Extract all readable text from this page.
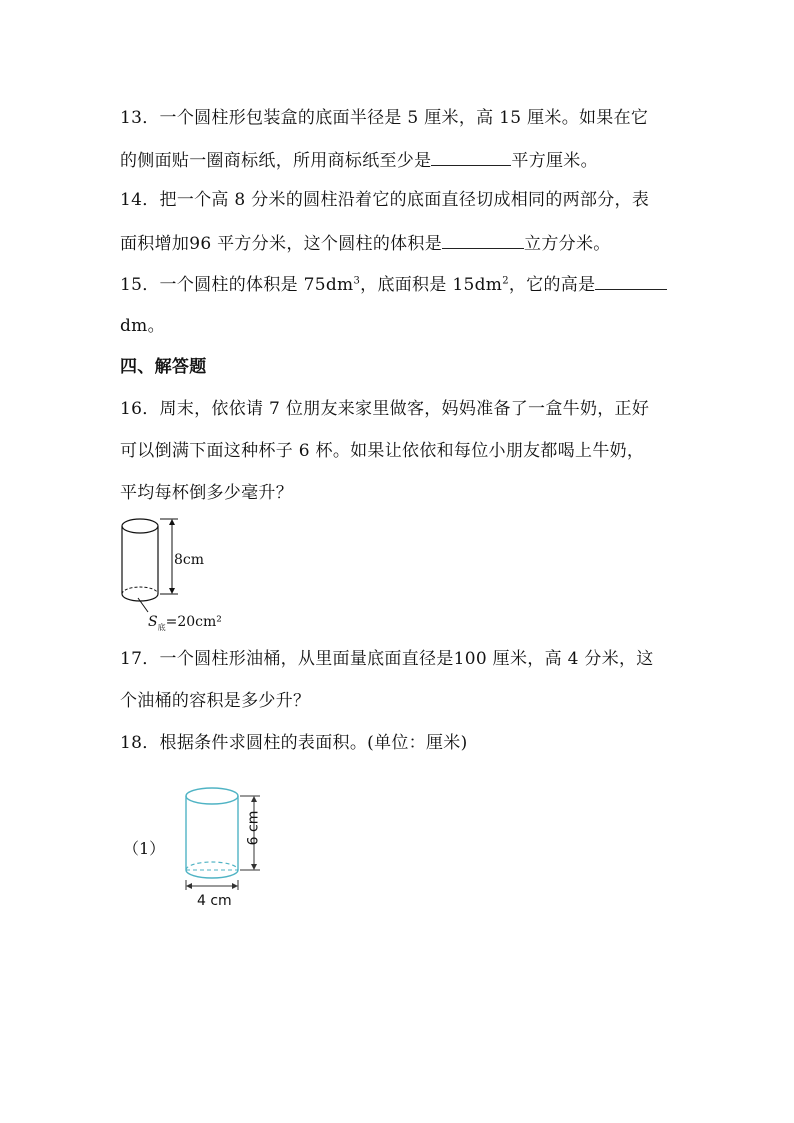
13．一个圆柱形包装盒的底面半径是 5 厘米，高 15 厘米。如果在它
的侧面贴一圈商标纸，所用商标纸至少是	平方厘米。
14．把一个高 8 分米的圆柱沿着它的底面直径切成相同的两部分，表
面积增加96 平方分米，这个圆柱的体积是	立方分米。
15．一个圆柱的体积是 $75dm^3$，底面积是 $15dm^2$，它的高是
dm。
四、解答题
16．周末，依依请 7 位朋友来家里做客，妈妈准备了一盒牛奶，正好
可以倒满下面这种杯子 6 杯。如果让依依和每位小朋友都喝上牛奶，
平均每杯倒多少毫升？
8cm
$S_底=20cm^2$
17．一个圆柱形油桶，从里面量底面直径是100 厘米，高 4 分米，这
个油桶的容积是多少升？
18．根据条件求圆柱的表面积。(单位：厘米)
（1）
6 cm
4 cm
